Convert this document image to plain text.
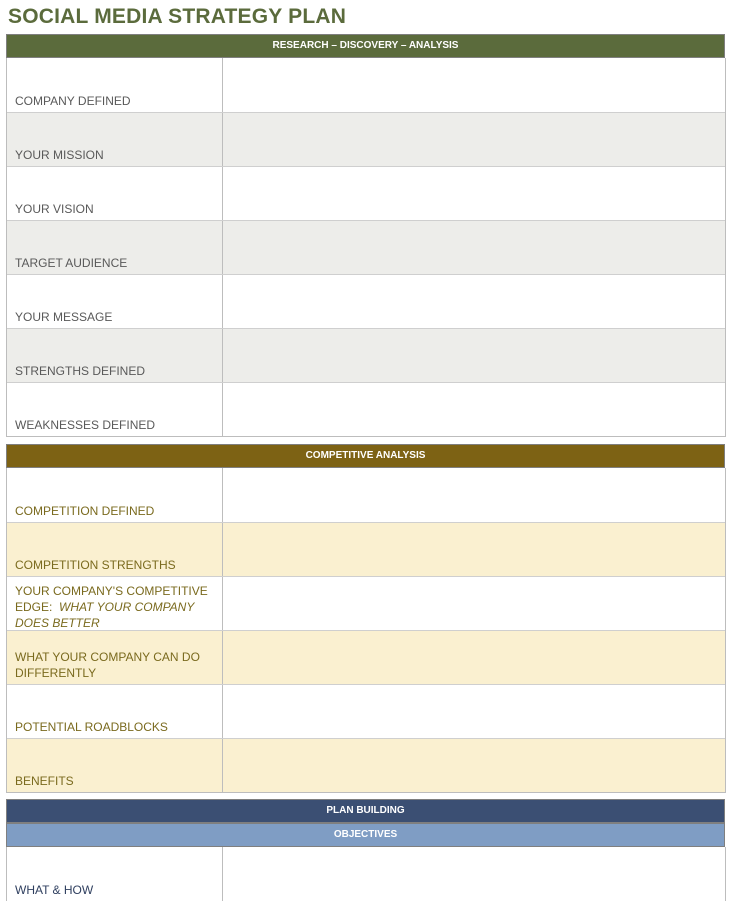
SOCIAL MEDIA STRATEGY PLAN
RESEARCH – DISCOVERY – ANALYSIS
COMPANY DEFINED
YOUR MISSION
YOUR VISION
TARGET AUDIENCE
YOUR MESSAGE
STRENGTHS DEFINED
WEAKNESSES DEFINED
COMPETITIVE ANALYSIS
COMPETITION DEFINED
COMPETITION STRENGTHS
YOUR COMPANY'S COMPETITIVE EDGE: WHAT YOUR COMPANY DOES BETTER
WHAT YOUR COMPANY CAN DO DIFFERENTLY
POTENTIAL ROADBLOCKS
BENEFITS
PLAN BUILDING
OBJECTIVES
WHAT & HOW
